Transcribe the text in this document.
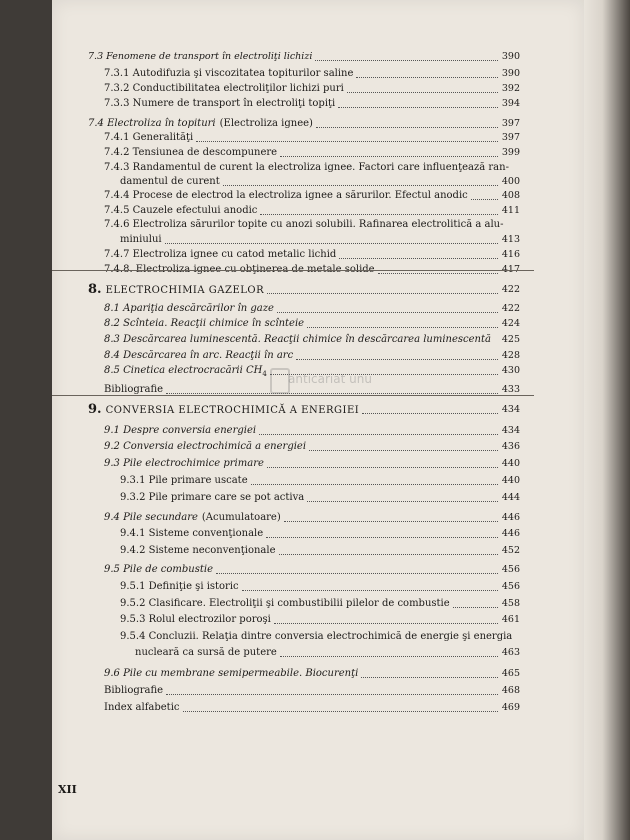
7.3 Fenomene de transport în electroliţi lichizi	390
7.3.1 Autodifuzia şi viscozitatea topiturilor saline	390
7.3.2 Conductibilitatea electroliţilor lichizi puri	392
7.3.3 Numere de transport în electroliţi topiţi	394
7.4 Electroliza în topituri (Electroliza ignee)	397
7.4.1 Generalităţi	397
7.4.2 Tensiunea de descompunere	399
7.4.3 Randamentul de curent la electroliza ignee. Factori care influenţează ran-
damentul de curent	400
7.4.4 Procese de electrod la electroliza ignee a sărurilor. Efectul anodic	408
7.4.5 Cauzele efectului anodic	411
7.4.6 Electroliza sărurilor topite cu anozi solubili. Rafinarea electrolitică a alu-
miniului	413
7.4.7 Electroliza ignee cu catod metalic lichid	416
7.4.8. Electroliza ignee cu obţinerea de metale solide	417
8. ELECTROCHIMIA GAZELOR	422
8.1 Apariţia descărcărilor în gaze	422
8.2 Scînteia. Reacţii chimice în scînteie	424
8.3 Descărcarea luminescentă. Reacţii chimice în descărcarea luminescentă 425
8.4 Descărcarea în arc. Reacţii în arc	428
8.5 Cinetica electrocracării $CH_4$	430
Bibliografie	433
9. CONVERSIA ELECTROCHIMICĂ A ENERGIEI	434
9.1 Despre conversia energiei	434
9.2 Conversia electrochimică a energiei	436
9.3 Pile electrochimice primare	440
9.3.1 Pile primare uscate	440
9.3.2 Pile primare care se pot activa	444
9.4 Pile secundare (Acumulatoare)	446
9.4.1 Sisteme convenţionale	446
9.4.2 Sisteme neconvenţionale	452
9.5 Pile de combustie	456
9.5.1 Definiţie şi istoric	456
9.5.2 Clasificare. Electroliţii şi combustibilii pilelor de combustie	458
9.5.3 Rolul electrozilor poroşi	461
9.5.4 Concluzii. Relaţia dintre conversia electrochimică de energie şi energia
nucleară ca sursă de putere	463
9.6 Pile cu membrane semipermeabile. Biocurenţi	465
Bibliografie	468
Index alfabetic	469
anticariat unu
XII
